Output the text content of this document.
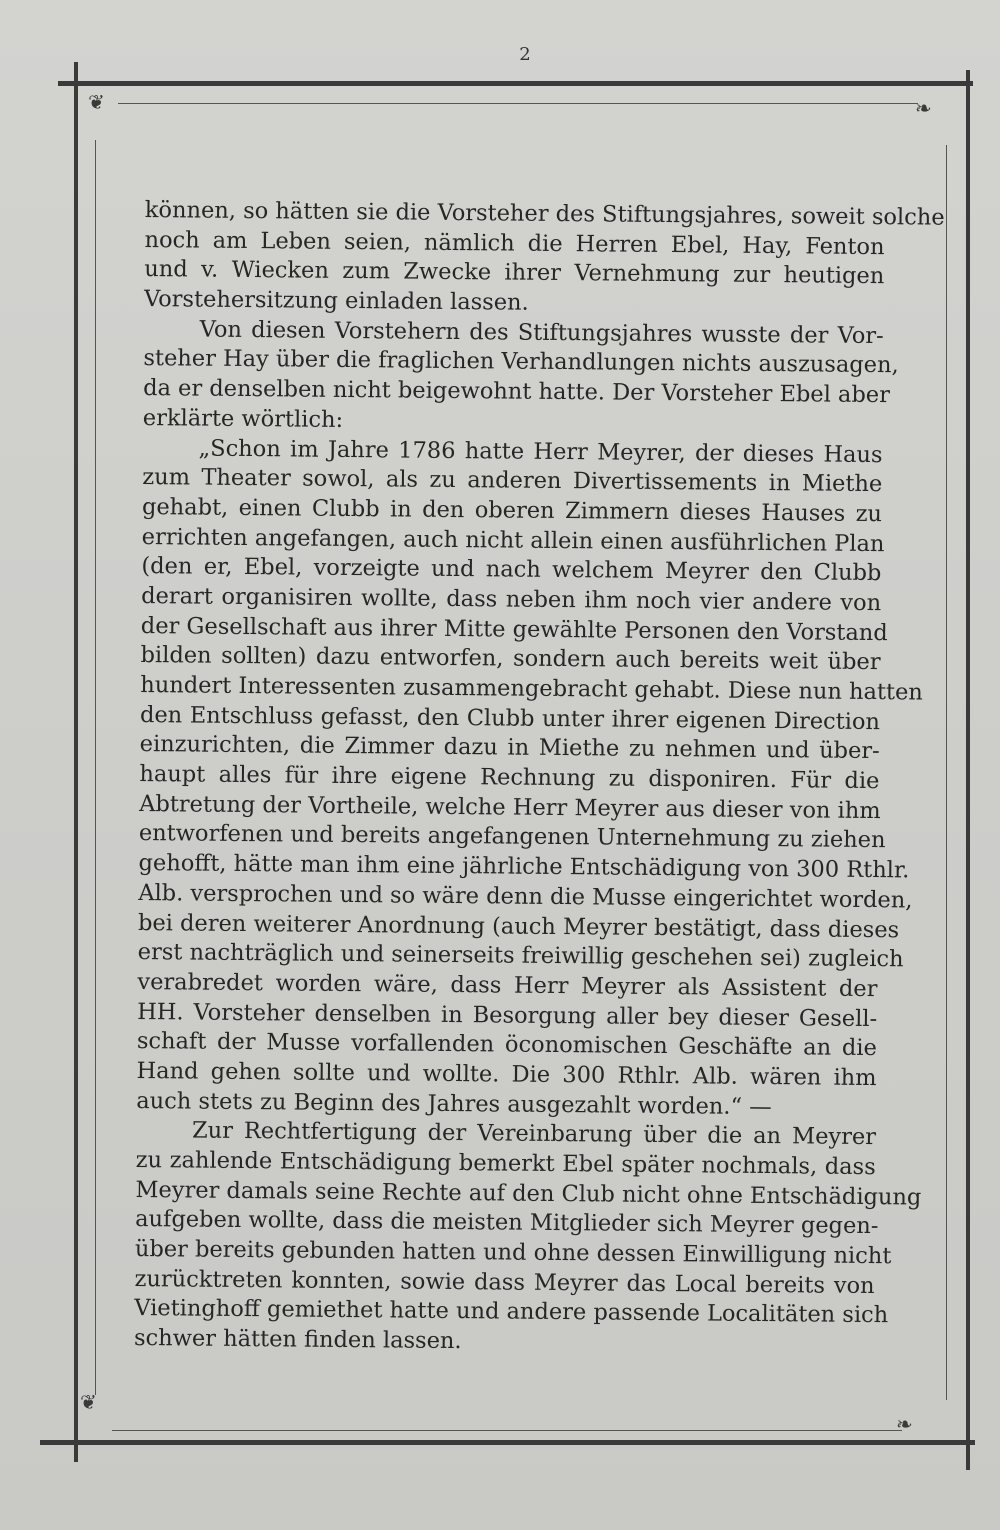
2
❦	❧
❦
❧
können, so hätten sie die Vorsteher des Stiftungsjahres, soweit solche
noch am Leben seien, nämlich die Herren Ebel, Hay, Fenton
und v. Wiecken zum Zwecke ihrer Vernehmung zur heutigen
Vorstehersitzung einladen lassen.
Von diesen Vorstehern des Stiftungsjahres wusste der Vor-
steher Hay über die fraglichen Verhandlungen nichts auszusagen,
da er denselben nicht beigewohnt hatte. Der Vorsteher Ebel aber
erklärte wörtlich:
„Schon im Jahre 1786 hatte Herr Meyrer, der dieses Haus
zum Theater sowol, als zu anderen Divertissements in Miethe
gehabt, einen Clubb in den oberen Zimmern dieses Hauses zu
errichten angefangen, auch nicht allein einen ausführlichen Plan
(den er, Ebel, vorzeigte und nach welchem Meyrer den Clubb
derart organisiren wollte, dass neben ihm noch vier andere von
der Gesellschaft aus ihrer Mitte gewählte Personen den Vorstand
bilden sollten) dazu entworfen, sondern auch bereits weit über
hundert Interessenten zusammengebracht gehabt. Diese nun hatten
den Entschluss gefasst, den Clubb unter ihrer eigenen Direction
einzurichten, die Zimmer dazu in Miethe zu nehmen und über-
haupt alles für ihre eigene Rechnung zu disponiren. Für die
Abtretung der Vortheile, welche Herr Meyrer aus dieser von ihm
entworfenen und bereits angefangenen Unternehmung zu ziehen
gehofft, hätte man ihm eine jährliche Entschädigung von 300 Rthlr.
Alb. versprochen und so wäre denn die Musse eingerichtet worden,
bei deren weiterer Anordnung (auch Meyrer bestätigt, dass dieses
erst nachträglich und seinerseits freiwillig geschehen sei) zugleich
verabredet worden wäre, dass Herr Meyrer als Assistent der
HH. Vorsteher denselben in Besorgung aller bey dieser Gesell-
schaft der Musse vorfallenden öconomischen Geschäfte an die
Hand gehen sollte und wollte. Die 300 Rthlr. Alb. wären ihm
auch stets zu Beginn des Jahres ausgezahlt worden.“ —
Zur Rechtfertigung der Vereinbarung über die an Meyrer
zu zahlende Entschädigung bemerkt Ebel später nochmals, dass
Meyrer damals seine Rechte auf den Club nicht ohne Entschädigung
aufgeben wollte, dass die meisten Mitglieder sich Meyrer gegen-
über bereits gebunden hatten und ohne dessen Einwilligung nicht
zurücktreten konnten, sowie dass Meyrer das Local bereits von
Vietinghoff gemiethet hatte und andere passende Localitäten sich
schwer hätten finden lassen.
